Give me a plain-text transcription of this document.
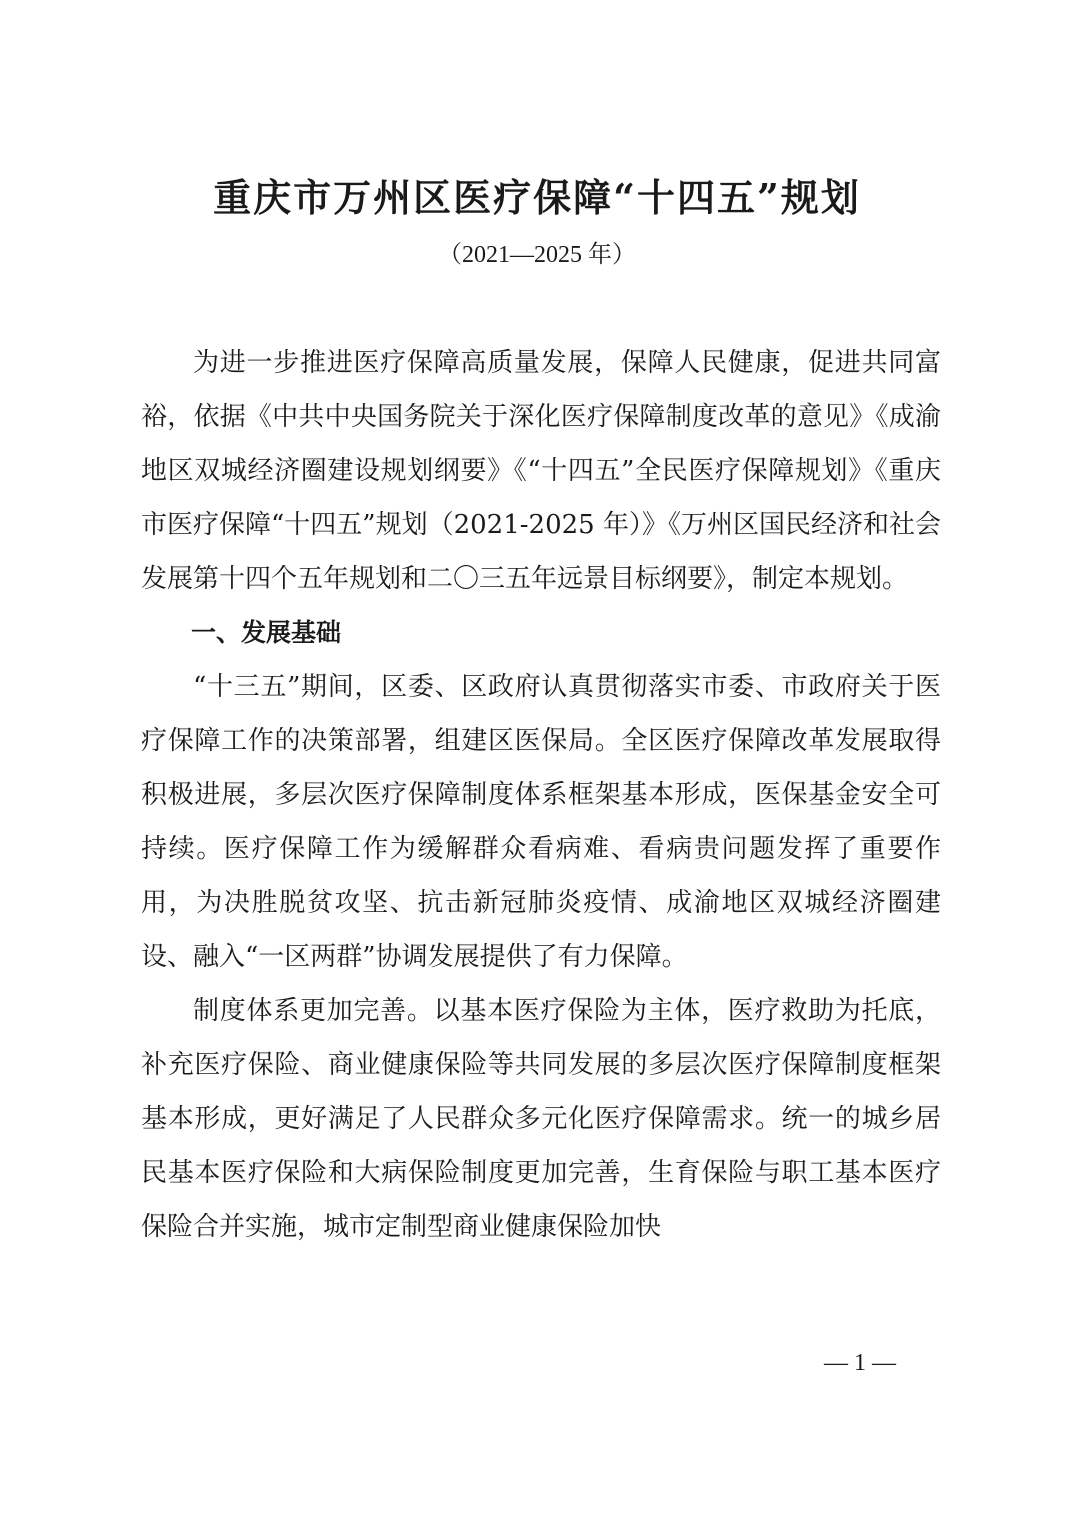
重庆市万州区医疗保障“十四五”规划
（2021—2025 年）

为进一步推进医疗保障高质量发展，保障人民健康，促进共同富裕，依据《中共中央国务院关于深化医疗保障制度改革的意见》《成渝地区双城经济圈建设规划纲要》《“十四五”全民医疗保障规划》《重庆市医疗保障“十四五”规划（2021-2025 年）》《万州区国民经济和社会发展第十四个五年规划和二〇三五年远景目标纲要》，制定本规划。

一、发展基础

“十三五”期间，区委、区政府认真贯彻落实市委、市政府关于医疗保障工作的决策部署，组建区医保局。全区医疗保障改革发展取得积极进展，多层次医疗保障制度体系框架基本形成，医保基金安全可持续。医疗保障工作为缓解群众看病难、看病贵问题发挥了重要作用，为决胜脱贫攻坚、抗击新冠肺炎疫情、成渝地区双城经济圈建设、融入“一区两群”协调发展提供了有力保障。

制度体系更加完善。以基本医疗保险为主体，医疗救助为托底，补充医疗保险、商业健康保险等共同发展的多层次医疗保障制度框架基本形成，更好满足了人民群众多元化医疗保障需求。统一的城乡居民基本医疗保险和大病保险制度更加完善，生育保险与职工基本医疗保险合并实施，城市定制型商业健康保险加快

— 1 —
